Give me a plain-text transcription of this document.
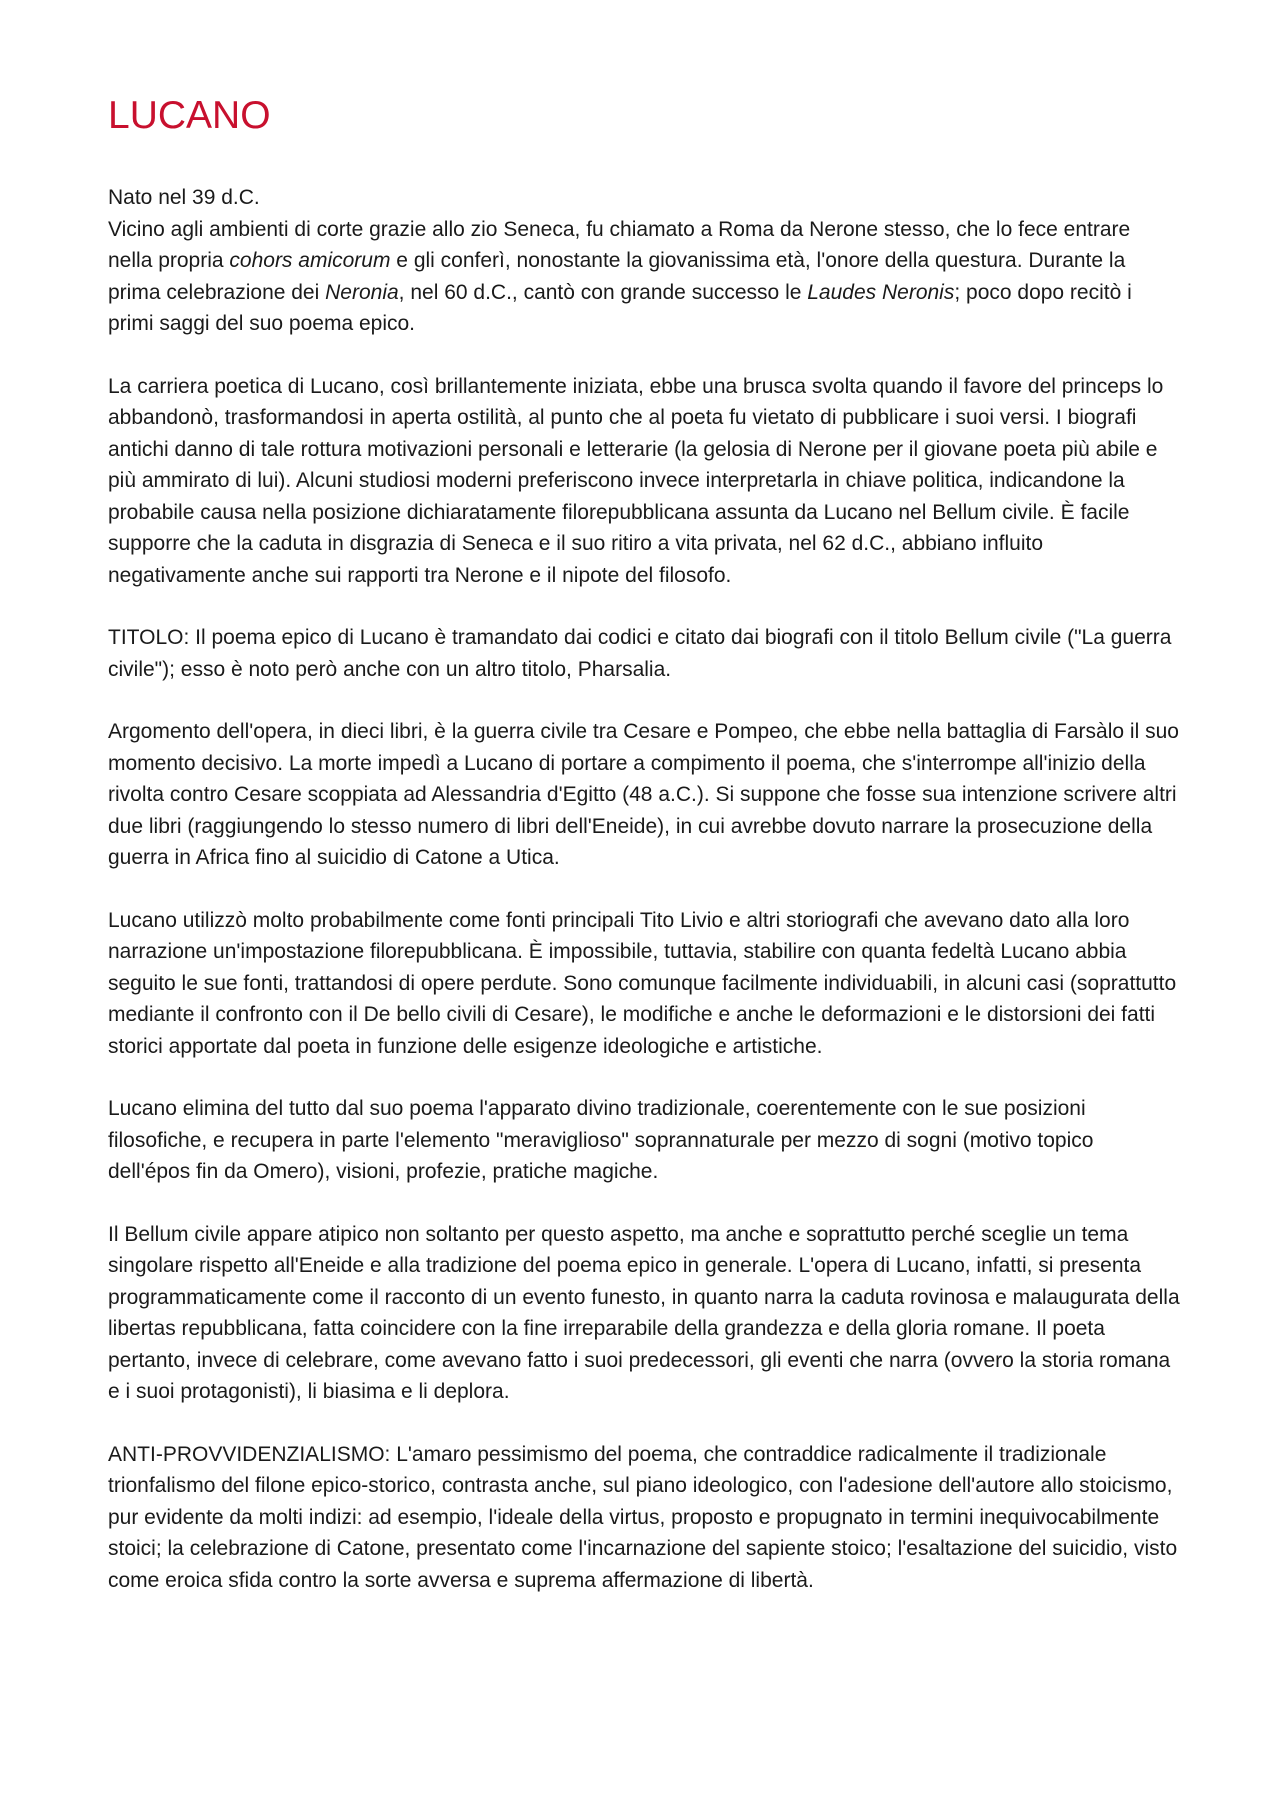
LUCANO
Nato nel 39 d.C.
Vicino agli ambienti di corte grazie allo zio Seneca, fu chiamato a Roma da Nerone stesso, che lo fece entrare nella propria cohors amicorum e gli conferì, nonostante la giovanissima età, l'onore della questura. Durante la prima celebrazione dei Neronia, nel 60 d.C., cantò con grande successo le Laudes Neronis; poco dopo recitò i primi saggi del suo poema epico.

La carriera poetica di Lucano, così brillantemente iniziata, ebbe una brusca svolta quando il favore del princeps lo abbandonò, trasformandosi in aperta ostilità, al punto che al poeta fu vietato di pubblicare i suoi versi. I biografi antichi danno di tale rottura motivazioni personali e letterarie (la gelosia di Nerone per il giovane poeta più abile e più ammirato di lui). Alcuni studiosi moderni preferiscono invece interpretarla in chiave politica, indicandone la probabile causa nella posizione dichiaratamente filorepubblicana assunta da Lucano nel Bellum civile. È facile supporre che la caduta in disgrazia di Seneca e il suo ritiro a vita privata, nel 62 d.C., abbiano influito negativamente anche sui rapporti tra Nerone e il nipote del filosofo.

TITOLO: Il poema epico di Lucano è tramandato dai codici e citato dai biografi con il titolo Bellum civile ("La guerra civile"); esso è noto però anche con un altro titolo, Pharsalia.

Argomento dell'opera, in dieci libri, è la guerra civile tra Cesare e Pompeo, che ebbe nella battaglia di Farsàlo il suo momento decisivo. La morte impedì a Lucano di portare a compimento il poema, che s'interrompe all'inizio della rivolta contro Cesare scoppiata ad Alessandria d'Egitto (48 a.C.). Si suppone che fosse sua intenzione scrivere altri due libri (raggiungendo lo stesso numero di libri dell'Eneide), in cui avrebbe dovuto narrare la prosecuzione della guerra in Africa fino al suicidio di Catone a Utica.

Lucano utilizzò molto probabilmente come fonti principali Tito Livio e altri storiografi che avevano dato alla loro narrazione un'impostazione filorepubblicana. È impossibile, tuttavia, stabilire con quanta fedeltà Lucano abbia seguito le sue fonti, trattandosi di opere perdute. Sono comunque facilmente individuabili, in alcuni casi (soprattutto mediante il confronto con il De bello civili di Cesare), le modifiche e anche le deformazioni e le distorsioni dei fatti storici apportate dal poeta in funzione delle esigenze ideologiche e artistiche.

Lucano elimina del tutto dal suo poema l'apparato divino tradizionale, coerentemente con le sue posizioni filosofiche, e recupera in parte l'elemento "meraviglioso" soprannaturale per mezzo di sogni (motivo topico dell'épos fin da Omero), visioni, profezie, pratiche magiche.

Il Bellum civile appare atipico non soltanto per questo aspetto, ma anche e soprattutto perché sceglie un tema singolare rispetto all'Eneide e alla tradizione del poema epico in generale. L'opera di Lucano, infatti, si presenta programmaticamente come il racconto di un evento funesto, in quanto narra la caduta rovinosa e malaugurata della libertas repubblicana, fatta coincidere con la fine irreparabile della grandezza e della gloria romane. Il poeta pertanto, invece di celebrare, come avevano fatto i suoi predecessori, gli eventi che narra (ovvero la storia romana e i suoi protagonisti), li biasima e li deplora.

ANTI-PROVVIDENZIALISMO: L'amaro pessimismo del poema, che contraddice radicalmente il tradizionale trionfalismo del filone epico-storico, contrasta anche, sul piano ideologico, con l'adesione dell'autore allo stoicismo, pur evidente da molti indizi: ad esempio, l'ideale della virtus, proposto e propugnato in termini inequivocabilmente stoici; la celebrazione di Catone, presentato come l'incarnazione del sapiente stoico; l'esaltazione del suicidio, visto come eroica sfida contro la sorte avversa e suprema affermazione di libertà.
